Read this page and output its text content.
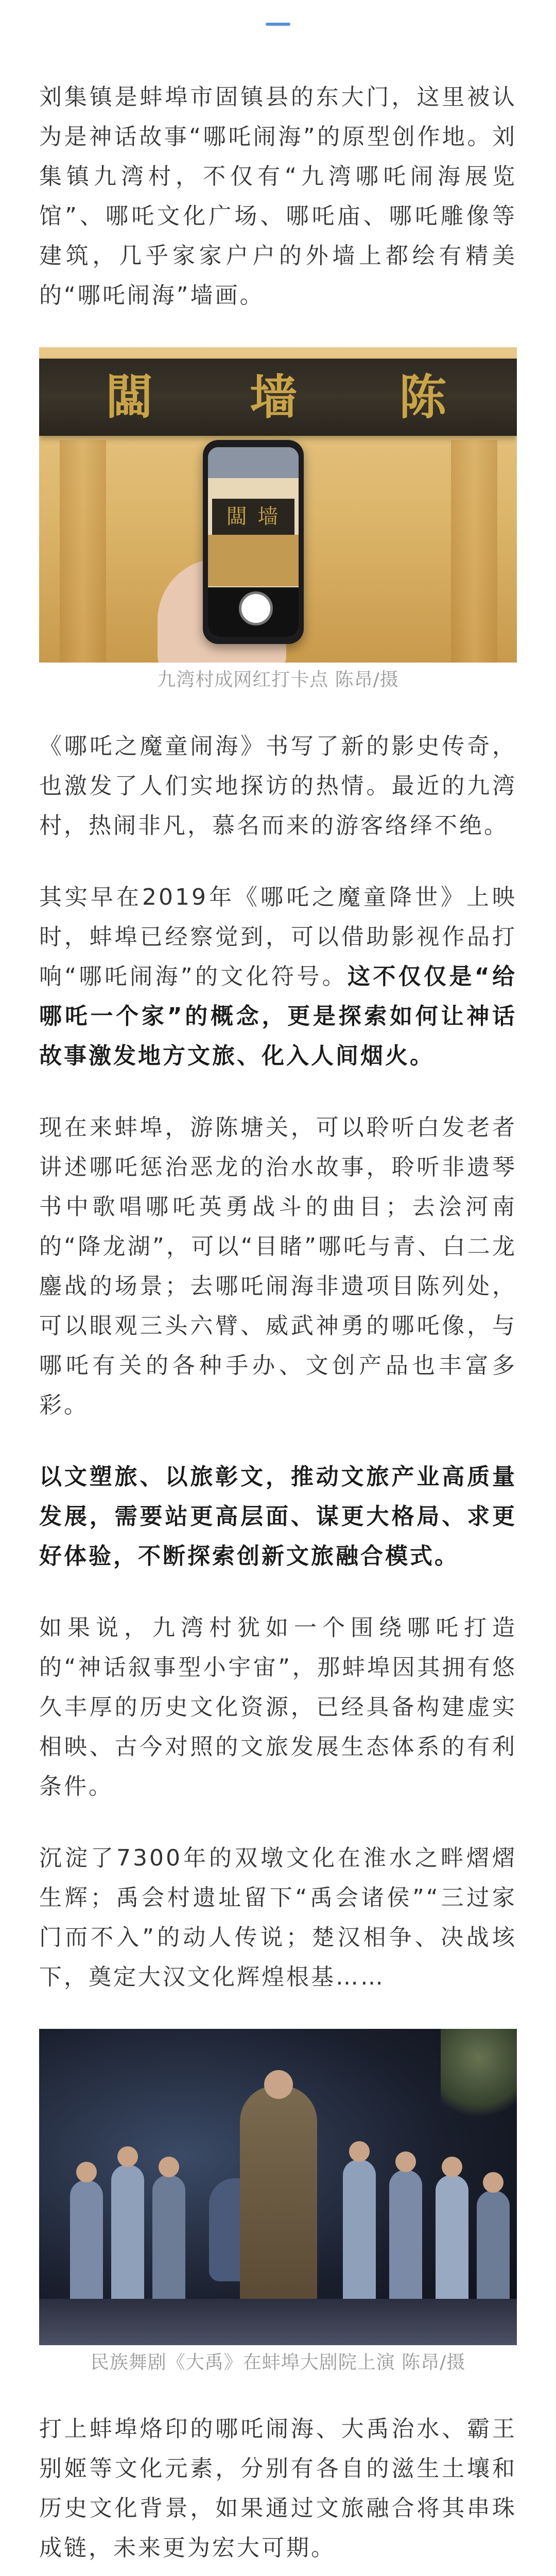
刘集镇是蚌埠市固镇县的东大门，这里被认为是神话故事“哪吒闹海”的原型创作地。刘集镇九湾村，不仅有“九湾哪吒闹海展览馆”、哪吒文化广场、哪吒庙、哪吒雕像等建筑，几乎家家户户的外墙上都绘有精美的“哪吒闹海”墙画。

闆 墙 陈
闆 墙
九湾村成网红打卡点 陈昂/摄

《哪吒之魔童闹海》书写了新的影史传奇，也激发了人们实地探访的热情。最近的九湾村，热闹非凡，慕名而来的游客络绎不绝。

其实早在2019年《哪吒之魔童降世》上映时，蚌埠已经察觉到，可以借助影视作品打响“哪吒闹海”的文化符号。这不仅仅是“给哪吒一个家”的概念，更是探索如何让神话故事激发地方文旅、化入人间烟火。

现在来蚌埠，游陈塘关，可以聆听白发老者讲述哪吒惩治恶龙的治水故事，聆听非遗琴书中歌唱哪吒英勇战斗的曲目；去浍河南的“降龙湖”，可以“目睹”哪吒与青、白二龙鏖战的场景；去哪吒闹海非遗项目陈列处，可以眼观三头六臂、威武神勇的哪吒像，与哪吒有关的各种手办、文创产品也丰富多彩。

以文塑旅、以旅彰文，推动文旅产业高质量发展，需要站更高层面、谋更大格局、求更好体验，不断探索创新文旅融合模式。

如果说，九湾村犹如一个围绕哪吒打造的“神话叙事型小宇宙”，那蚌埠因其拥有悠久丰厚的历史文化资源，已经具备构建虚实相映、古今对照的文旅发展生态体系的有利条件。

沉淀了7300年的双墩文化在淮水之畔熠熠生辉；禹会村遗址留下“禹会诸侯”“三过家门而不入”的动人传说；楚汉相争、决战垓下，奠定大汉文化辉煌根基……

民族舞剧《大禹》在蚌埠大剧院上演 陈昂/摄

打上蚌埠烙印的哪吒闹海、大禹治水、霸王别姬等文化元素，分别有各自的滋生土壤和历史文化背景，如果通过文旅融合将其串珠成链，未来更为宏大可期。
